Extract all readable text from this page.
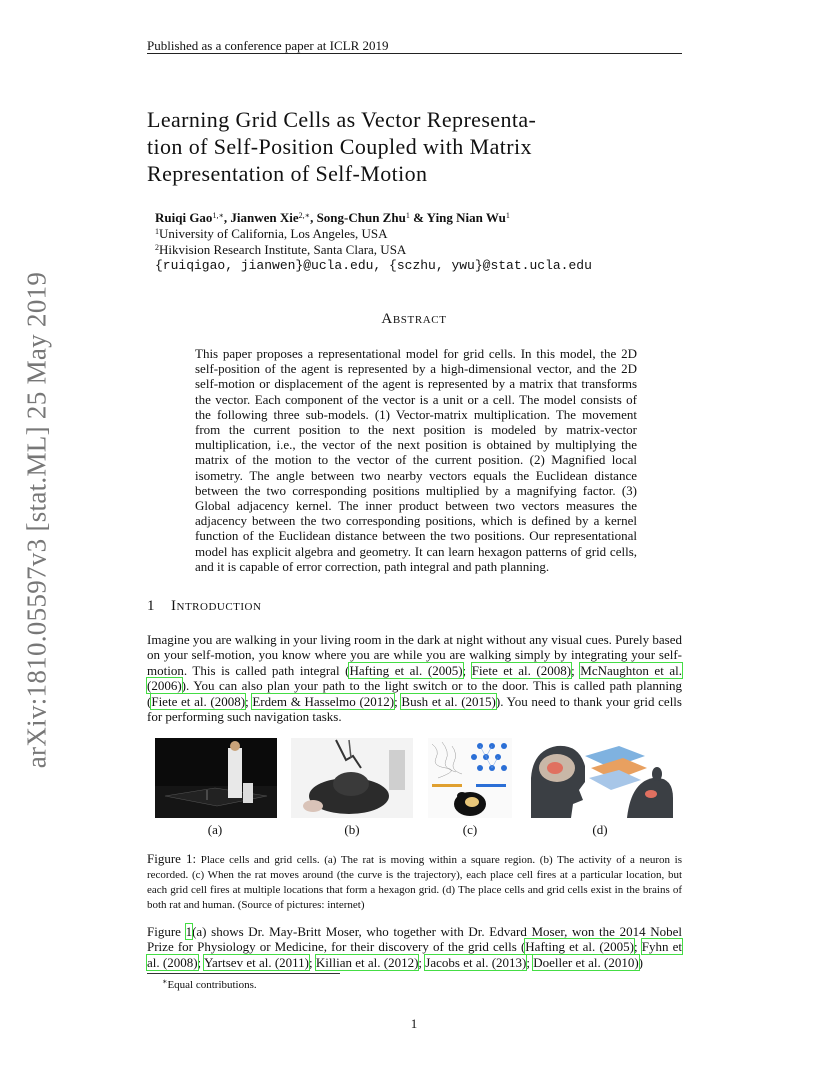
Published as a conference paper at ICLR 2019
arXiv:1810.05597v3 [stat.ML] 25 May 2019
Learning Grid Cells as Vector Representa-
tion of Self-Position Coupled with Matrix
Representation of Self-Motion
Ruiqi Gao$^{1,∗}$, Jianwen Xie$^{2,∗}$, Song-Chun Zhu$^1$ & Ying Nian Wu$^1$
$^1$University of California, Los Angeles, USA
$^2$Hikvision Research Institute, Santa Clara, USA
{ruiqigao, jianwen}@ucla.edu, {sczhu, ywu}@stat.ucla.edu
Abstract
This paper proposes a representational model for grid cells. In this model, the 2D self-position of the agent is represented by a high-dimensional vector, and the 2D self-motion or displacement of the agent is represented by a matrix that transforms the vector. Each component of the vector is a unit or a cell. The model consists of the following three sub-models. (1) Vector-matrix multiplication. The movement from the current position to the next position is modeled by matrix-vector multiplication, i.e., the vector of the next position is obtained by multiplying the matrix of the motion to the vector of the current position. (2) Magnified local isometry. The angle between two nearby vectors equals the Euclidean distance between the two corresponding positions multiplied by a magnifying factor. (3) Global adjacency kernel. The inner product between two vectors measures the adjacency between the two corresponding positions, which is defined by a kernel function of the Euclidean distance between the two positions. Our representational model has explicit algebra and geometry. It can learn hexagon patterns of grid cells, and it is capable of error correction, path integral and path planning.
1 Introduction
Imagine you are walking in your living room in the dark at night without any visual cues. Purely based on your self-motion, you know where you are while you are walking simply by integrating your self-motion. This is called path integral (Hafting et al. (2005); Fiete et al. (2008); McNaughton et al. (2006)). You can also plan your path to the light switch or to the door. This is called path planning (Fiete et al. (2008); Erdem & Hasselmo (2012); Bush et al. (2015)). You need to thank your grid cells for performing such navigation tasks.
(a)	(b)	(c)	(d)
Figure 1: Place cells and grid cells. (a) The rat is moving within a square region. (b) The activity of a neuron is recorded. (c) When the rat moves around (the curve is the trajectory), each place cell fires at a particular location, but each grid cell fires at multiple locations that form a hexagon grid. (d) The place cells and grid cells exist in the brains of both rat and human. (Source of pictures: internet)
Figure 1(a) shows Dr. May-Britt Moser, who together with Dr. Edvard Moser, won the 2014 Nobel Prize for Physiology or Medicine, for their discovery of the grid cells (Hafting et al. (2005); Fyhn et al. (2008); Yartsev et al. (2011); Killian et al. (2012); Jacobs et al. (2013); Doeller et al. (2010))
∗Equal contributions.
1
